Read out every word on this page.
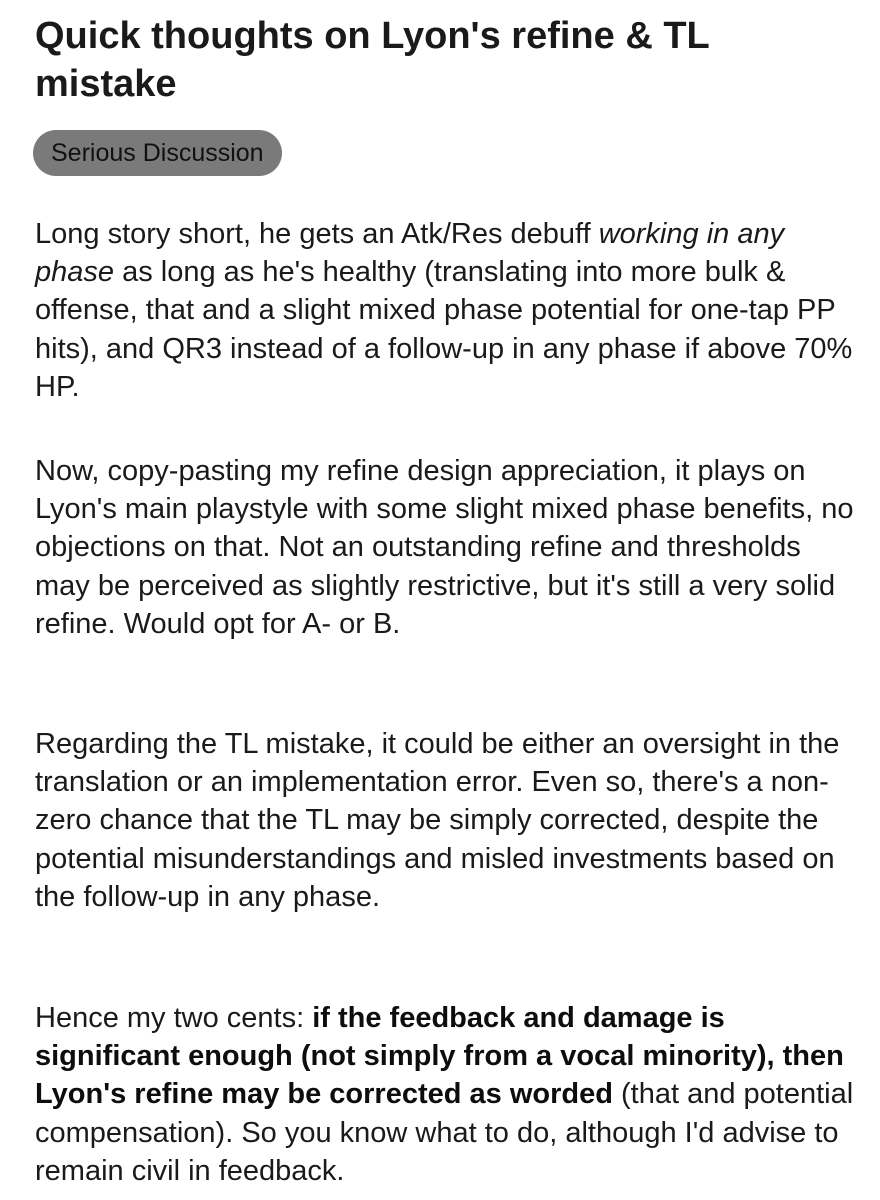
Quick thoughts on Lyon's refine & TL mistake
Serious Discussion

Long story short, he gets an Atk/Res debuff working in any phase as long as he's healthy (translating into more bulk & offense, that and a slight mixed phase potential for one-tap PP hits), and QR3 instead of a follow-up in any phase if above 70% HP.

Now, copy-pasting my refine design appreciation, it plays on Lyon's main playstyle with some slight mixed phase benefits, no objections on that. Not an outstanding refine and thresholds may be perceived as slightly restrictive, but it's still a very solid refine. Would opt for A- or B.

Regarding the TL mistake, it could be either an oversight in the translation or an implementation error. Even so, there's a non-zero chance that the TL may be simply corrected, despite the potential misunderstandings and misled investments based on the follow-up in any phase.

Hence my two cents: if the feedback and damage is significant enough (not simply from a vocal minority), then Lyon's refine may be corrected as worded (that and potential compensation). So you know what to do, although I'd advise to remain civil in feedback.
